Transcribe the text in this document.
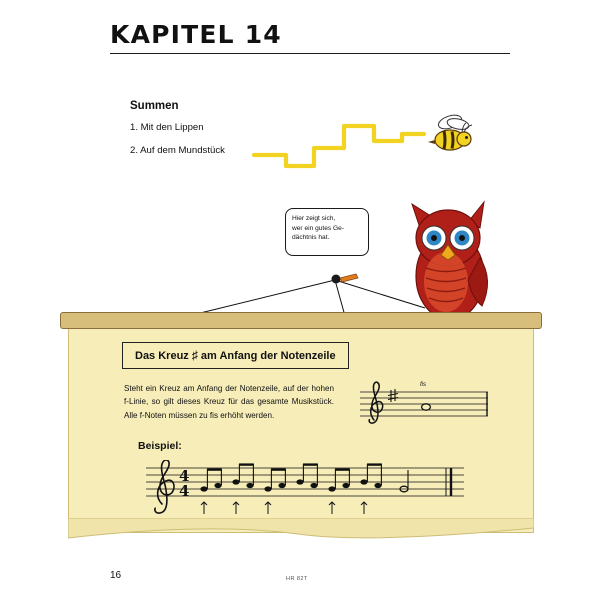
KAPITEL 14
Summen
1. Mit den Lippen
2. Auf dem Mundstück
Hier zeigt sich,
wer ein gutes Ge-
dächtnis hat.
Das Kreuz ♯ am Anfang der Notenzeile
Steht ein Kreuz am Anfang der Notenzeile, auf der hohen f-Linie, so gilt dieses Kreuz für das gesamte Musikstück. Alle f-Noten müssen zu fis erhöht werden.
fis
Beispiel:
4
4
16	HR 82T
